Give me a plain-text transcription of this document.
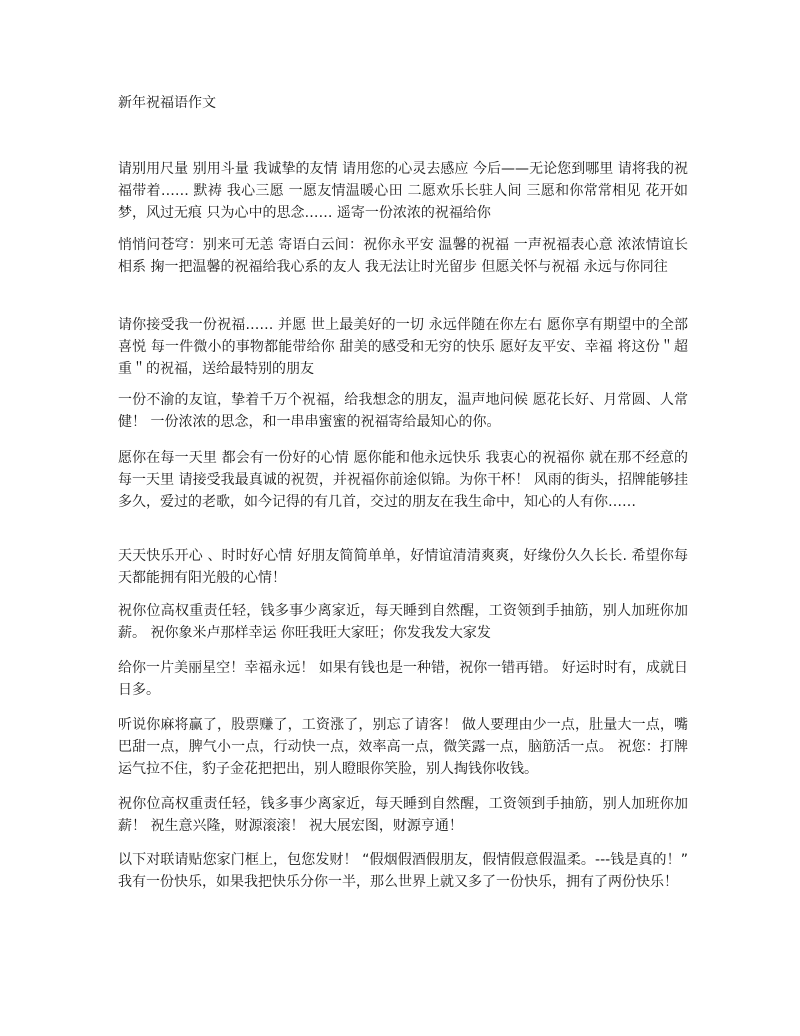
新年祝福语作文

请别用尺量 别用斗量 我诚挚的友情 请用您的心灵去感应 今后——无论您到哪里 请将我的祝福带着…… 默祷 我心三愿 一愿友情温暖心田 二愿欢乐长驻人间 三愿和你常常相见 花开如梦，风过无痕 只为心中的思念…… 遥寄一份浓浓的祝福给你

悄悄问苍穹：别来可无恙 寄语白云间：祝你永平安 温馨的祝福 一声祝福表心意 浓浓情谊长相系 掬一把温馨的祝福给我心系的友人 我无法让时光留步 但愿关怀与祝福 永远与你同往

请你接受我一份祝福…… 并愿 世上最美好的一切 永远伴随在你左右 愿你享有期望中的全部喜悦 每一件微小的事物都能带给你 甜美的感受和无穷的快乐 愿好友平安、幸福 将这份＂超重＂的祝福，送给最特别的朋友

一份不渝的友谊，挚着千万个祝福，给我想念的朋友，温声地问候 愿花长好、月常圆、人常健！ 一份浓浓的思念，和一串串蜜蜜的祝福寄给最知心的你。

愿你在每一天里 都会有一份好的心情 愿你能和他永远快乐 我衷心的祝福你 就在那不经意的每一天里 请接受我最真诚的祝贺，并祝福你前途似锦。为你干杯！ 风雨的街头，招牌能够挂多久，爱过的老歌，如今记得的有几首，交过的朋友在我生命中，知心的人有你……

天天快乐开心 、时时好心情 好朋友简简单单，好情谊清清爽爽，好缘份久久长长. 希望你每天都能拥有阳光般的心情！

祝你位高权重责任轻，钱多事少离家近，每天睡到自然醒，工资领到手抽筋，别人加班你加薪。 祝你象米卢那样幸运 你旺我旺大家旺；你发我发大家发

给你一片美丽星空！幸福永远！ 如果有钱也是一种错，祝你一错再错。 好运时时有，成就日日多。

听说你麻将赢了，股票赚了，工资涨了，别忘了请客！ 做人要理由少一点，肚量大一点，嘴巴甜一点，脾气小一点，行动快一点，效率高一点，微笑露一点，脑筋活一点。 祝您：打牌运气拉不住，豹子金花把把出，别人瞪眼你笑脸，别人掏钱你收钱。

祝你位高权重责任轻，钱多事少离家近，每天睡到自然醒，工资领到手抽筋，别人加班你加薪！ 祝生意兴隆，财源滚滚！ 祝大展宏图，财源亨通！

以下对联请贴您家门框上，包您发财！ “假烟假酒假朋友，假情假意假温柔。---钱是真的！” 我有一份快乐，如果我把快乐分你一半，那么世界上就又多了一份快乐，拥有了两份快乐！
